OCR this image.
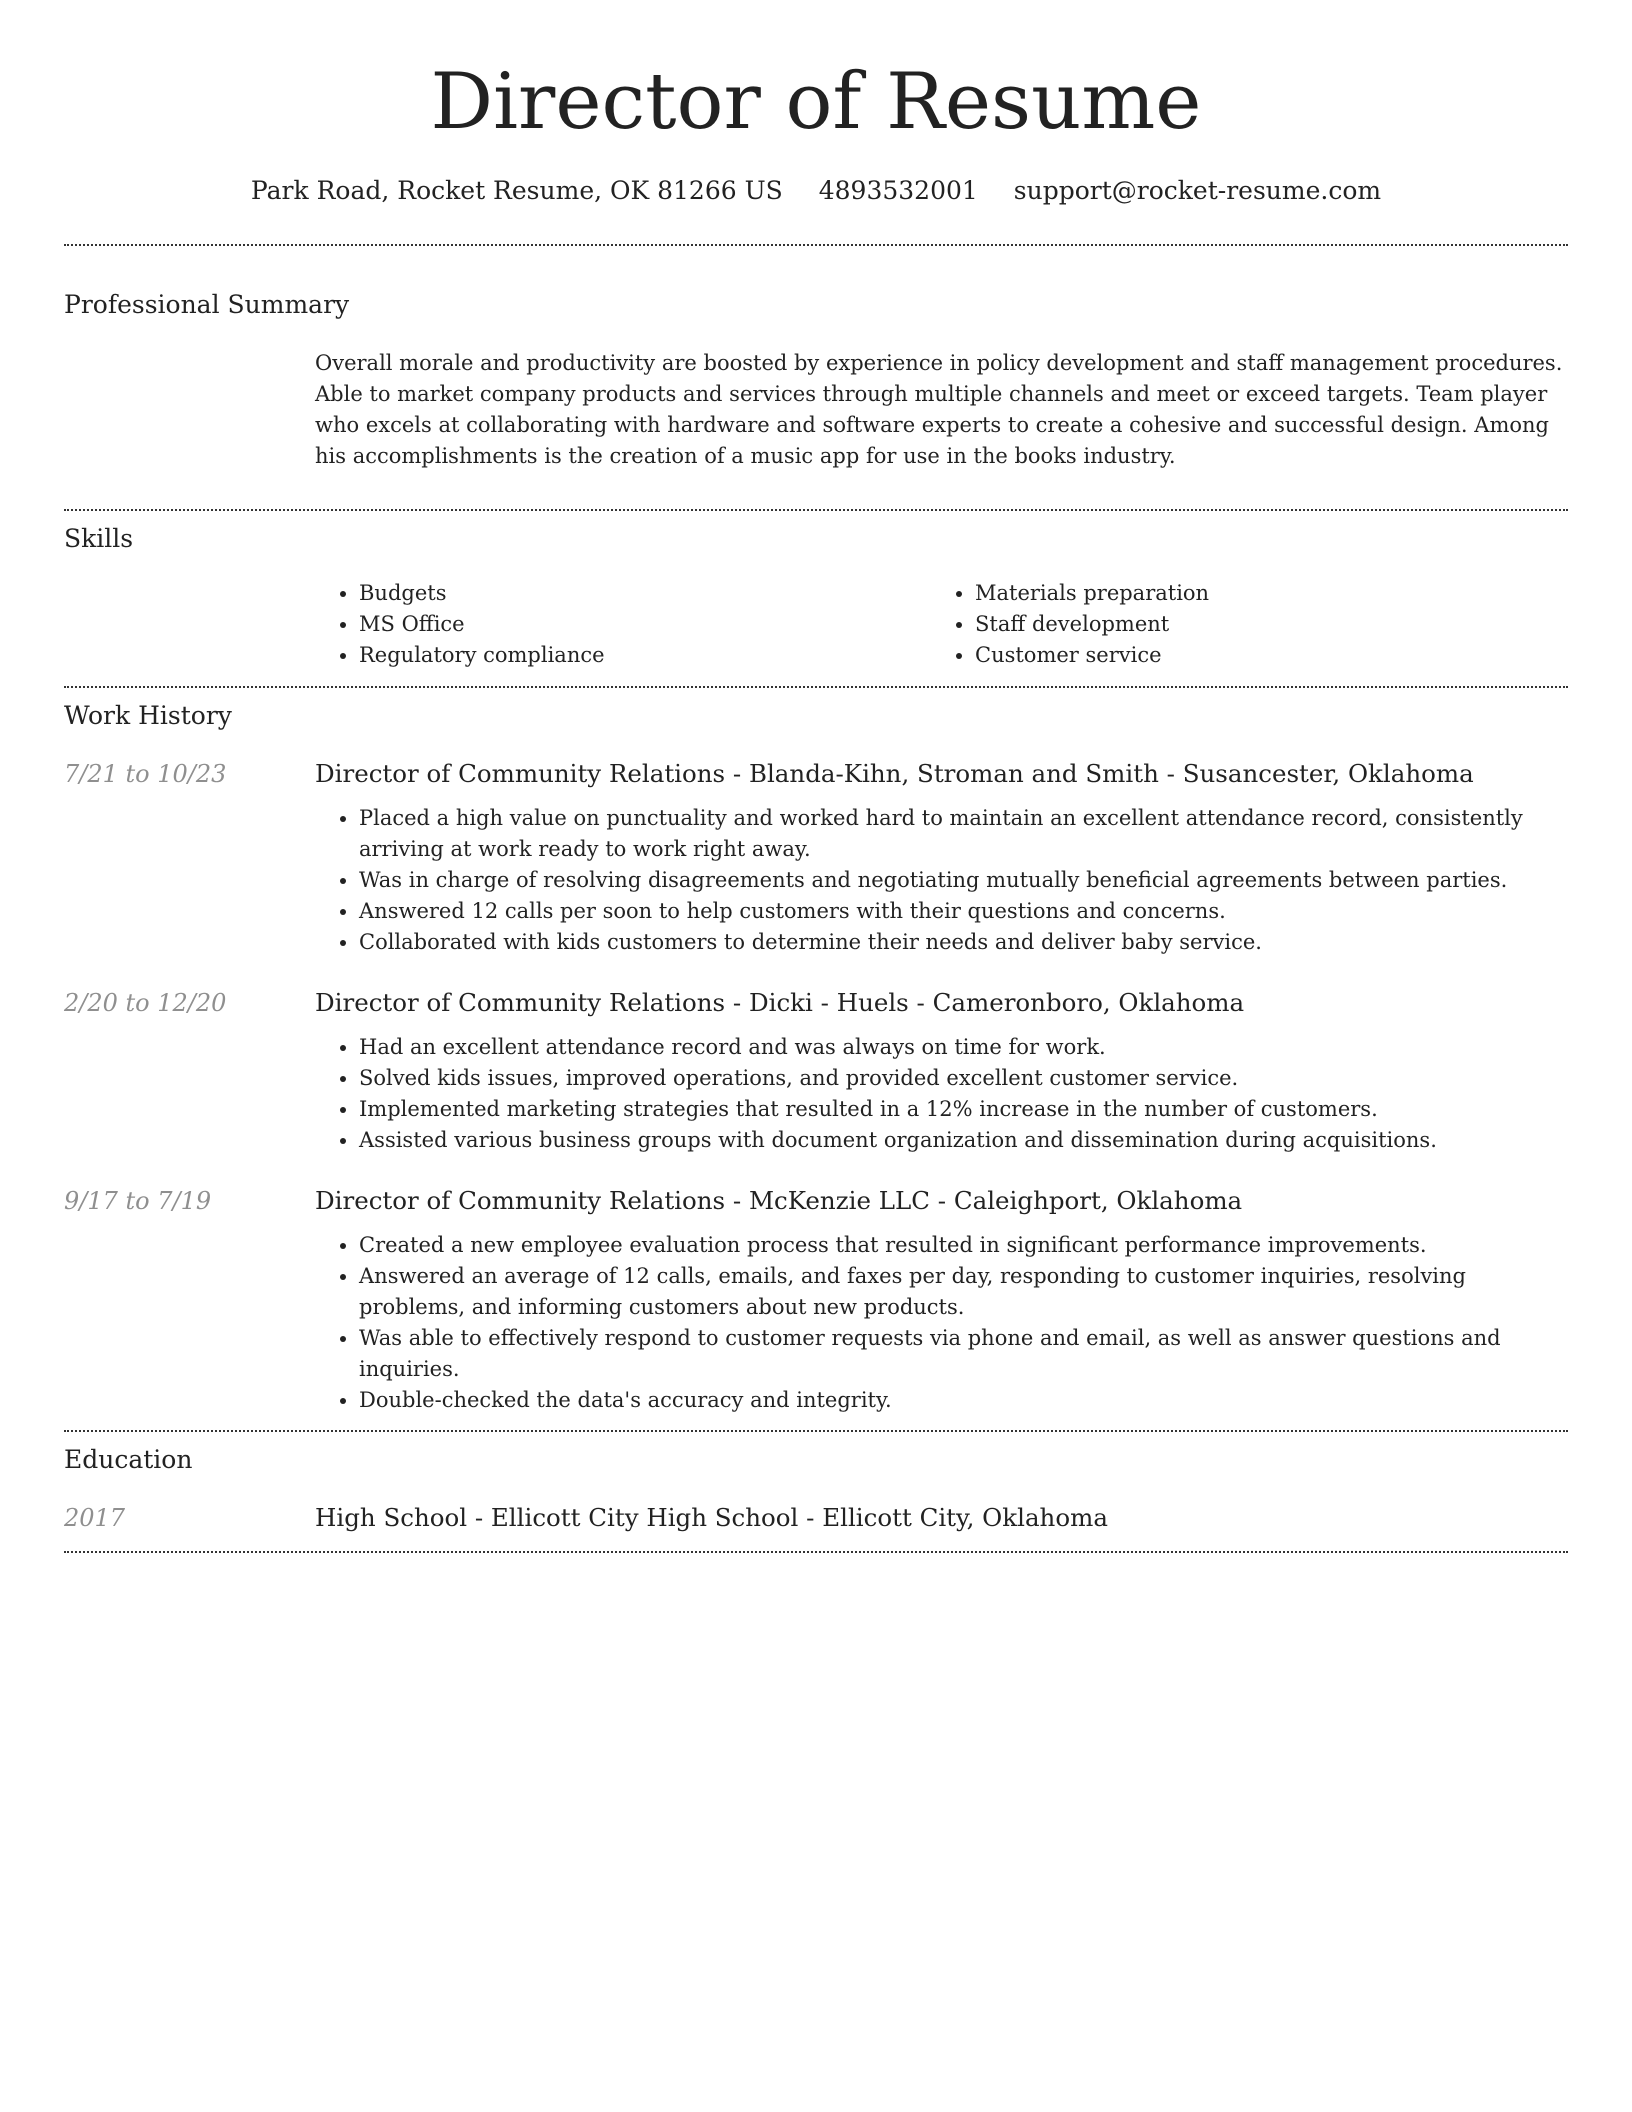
Director of Resume
Park Road, Rocket Resume, OK 81266 US 4893532001 support@rocket-resume.com
Professional Summary

Overall morale and productivity are boosted by experience in policy development and staff management procedures. Able to market company products and services through multiple channels and meet or exceed targets. Team player who excels at collaborating with hardware and software experts to create a cohesive and successful design. Among his accomplishments is the creation of a music app for use in the books industry.

Skills
• Budgets
• MS Office
• Regulatory compliance
• Materials preparation
• Staff development
• Customer service
Work History
7/21 to 10/23	Director of Community Relations - Blanda-Kihn, Stroman and Smith - Susancester, Oklahoma
• Placed a high value on punctuality and worked hard to maintain an excellent attendance record, consistently arriving at work ready to work right away.
• Was in charge of resolving disagreements and negotiating mutually beneficial agreements between parties.
• Answered 12 calls per soon to help customers with their questions and concerns.
• Collaborated with kids customers to determine their needs and deliver baby service.
2/20 to 12/20	Director of Community Relations - Dicki - Huels - Cameronboro, Oklahoma
• Had an excellent attendance record and was always on time for work.
• Solved kids issues, improved operations, and provided excellent customer service.
• Implemented marketing strategies that resulted in a 12% increase in the number of customers.
• Assisted various business groups with document organization and dissemination during acquisitions.
9/17 to 7/19	Director of Community Relations - McKenzie LLC - Caleighport, Oklahoma
• Created a new employee evaluation process that resulted in significant performance improvements.
• Answered an average of 12 calls, emails, and faxes per day, responding to customer inquiries, resolving problems, and informing customers about new products.
• Was able to effectively respond to customer requests via phone and email, as well as answer questions and inquiries.
• Double-checked the data's accuracy and integrity.
Education
2017	High School - Ellicott City High School - Ellicott City, Oklahoma
